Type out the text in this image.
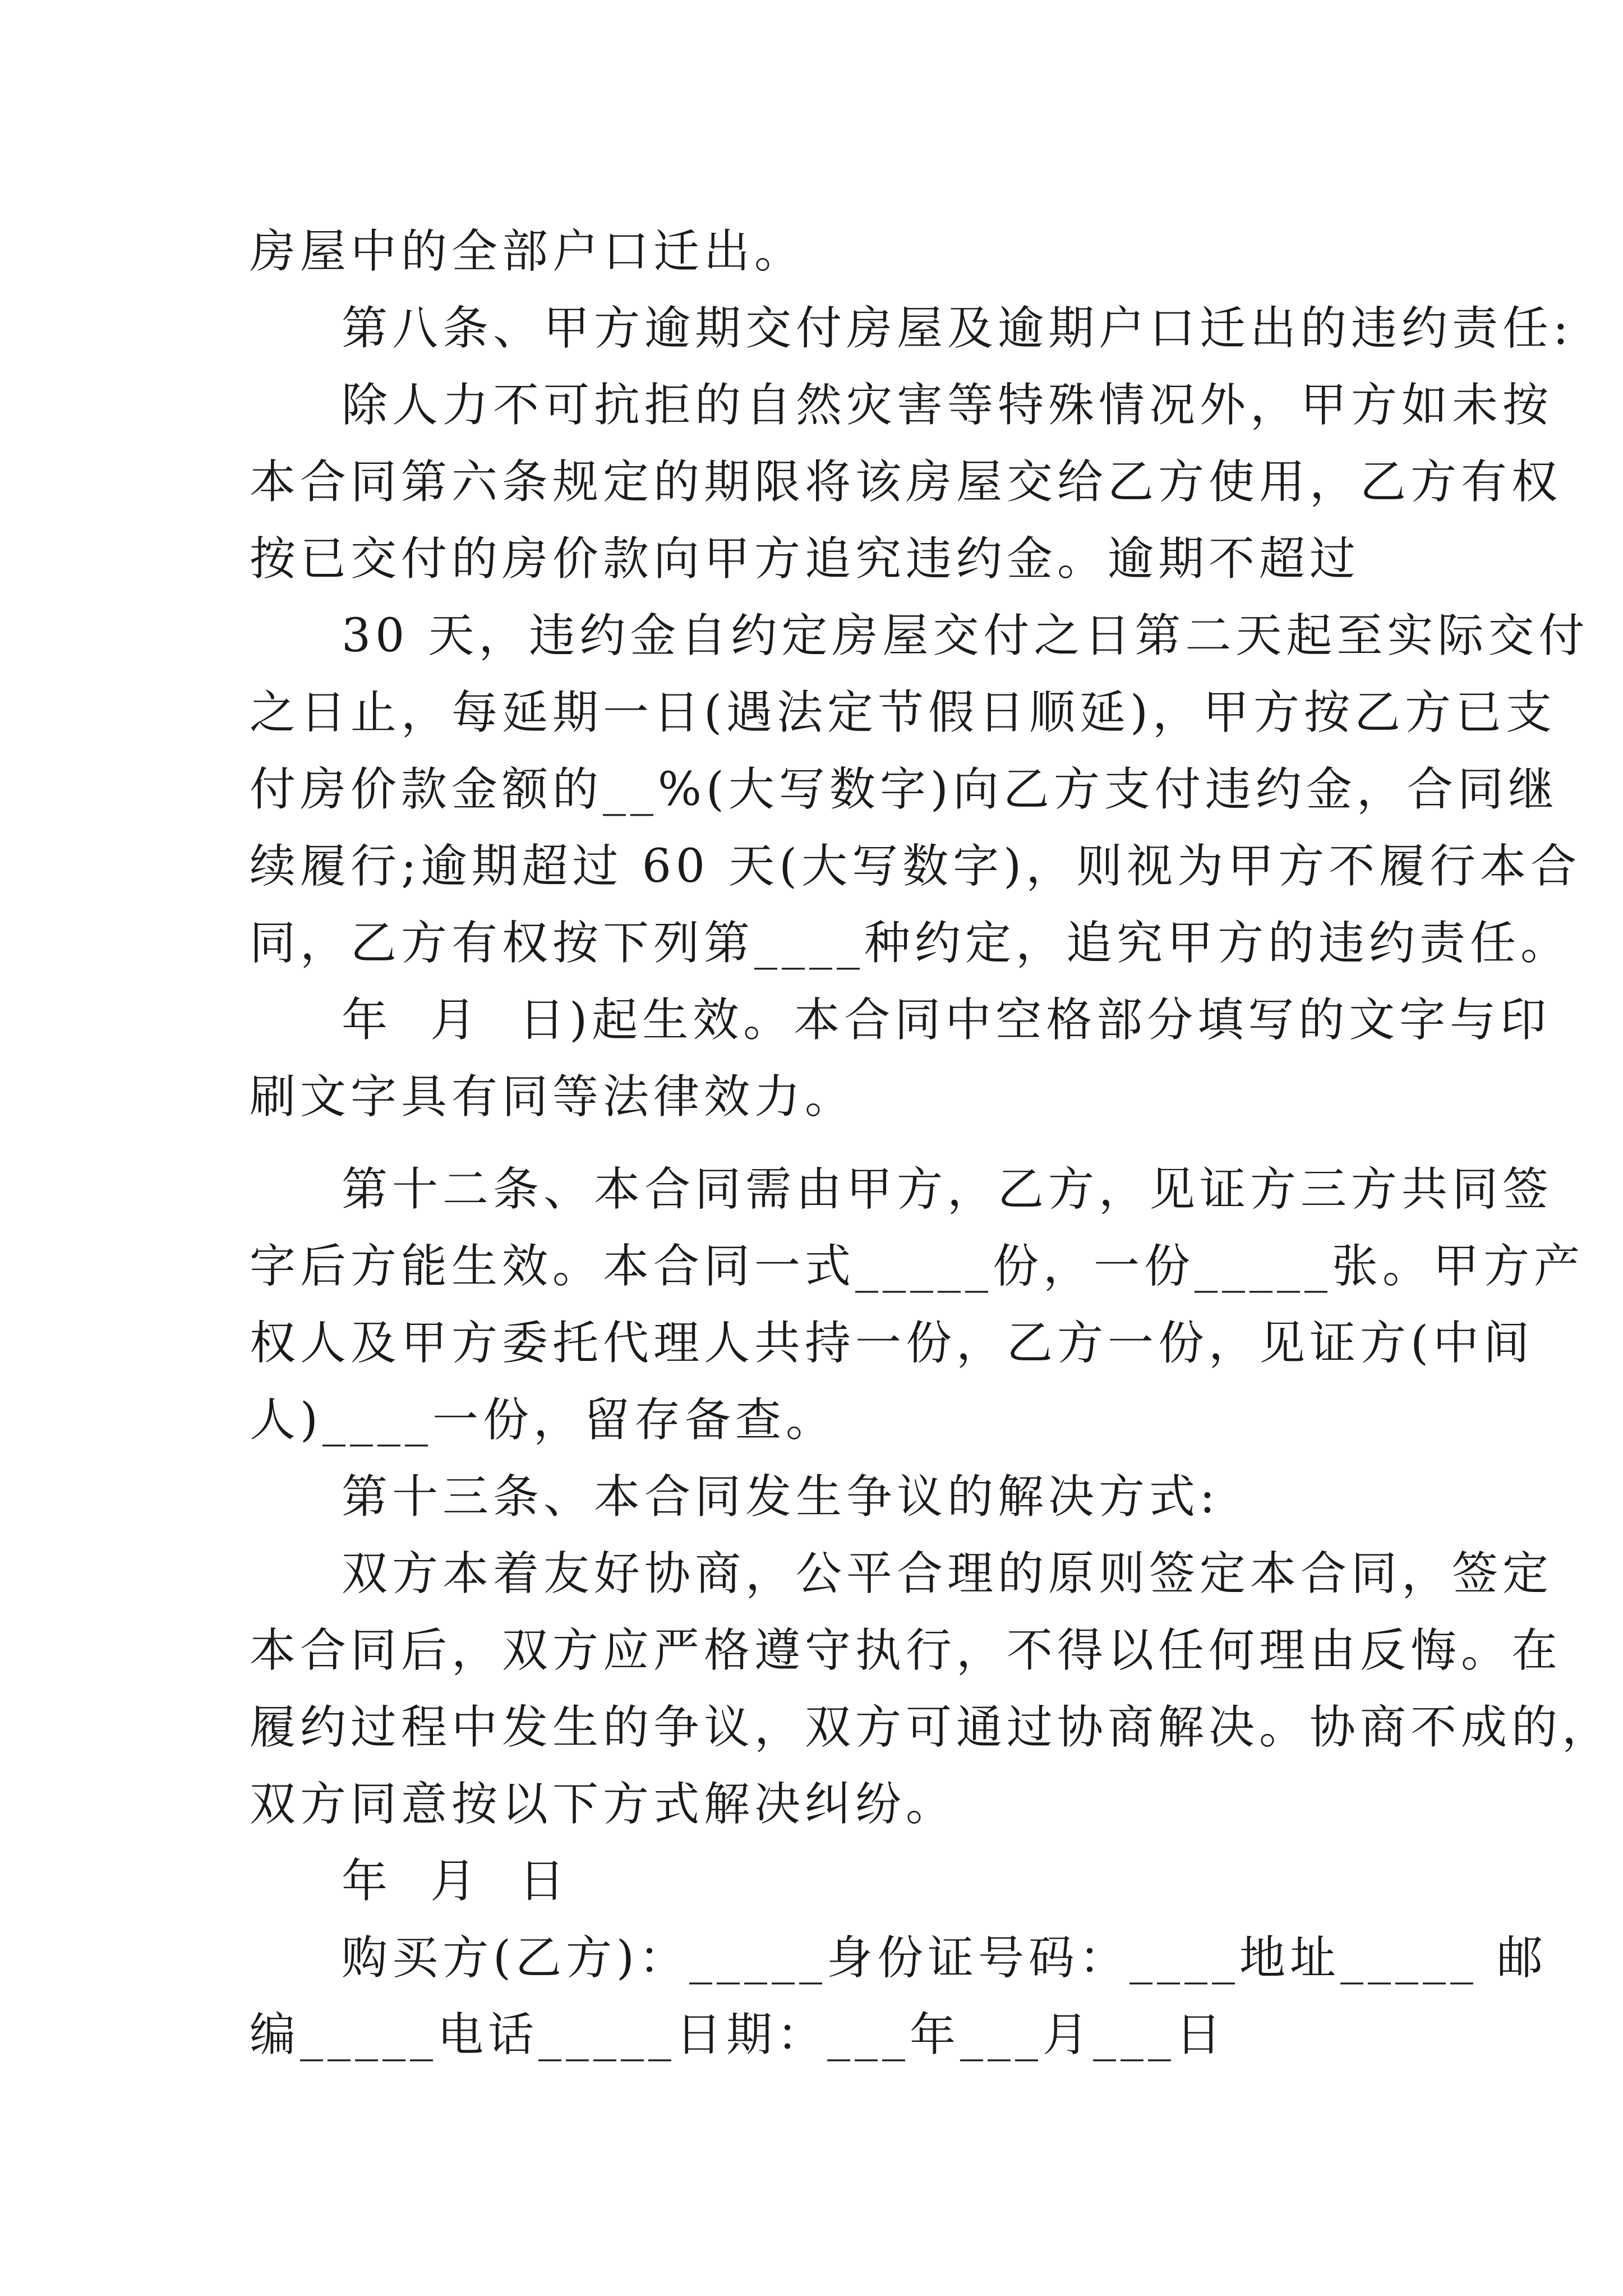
房屋中的全部户口迁出。
第八条、甲方逾期交付房屋及逾期户口迁出的违约责任:
除人力不可抗拒的自然灾害等特殊情况外，甲方如未按
本合同第六条规定的期限将该房屋交给乙方使用，乙方有权
按已交付的房价款向甲方追究违约金。逾期不超过
30 天，违约金自约定房屋交付之日第二天起至实际交付
之日止，每延期一日(遇法定节假日顺延)，甲方按乙方已支
付房价款金额的__%(大写数字)向乙方支付违约金，合同继
续履行;逾期超过 60 天(大写数字)，则视为甲方不履行本合
同，乙方有权按下列第____种约定，追究甲方的违约责任。
年  月  日)起生效。本合同中空格部分填写的文字与印
刷文字具有同等法律效力。
第十二条、本合同需由甲方，乙方，见证方三方共同签
字后方能生效。本合同一式_____份，一份_____张。甲方产
权人及甲方委托代理人共持一份，乙方一份，见证方(中间
人)____一份，留存备查。
第十三条、本合同发生争议的解决方式:
双方本着友好协商，公平合理的原则签定本合同，签定
本合同后，双方应严格遵守执行，不得以任何理由反悔。在
履约过程中发生的争议，双方可通过协商解决。协商不成的，
双方同意按以下方式解决纠纷。
年  月  日
购买方(乙方)：_____身份证号码：____地址_____ 邮
编_____电话_____日期：___年___月___日
